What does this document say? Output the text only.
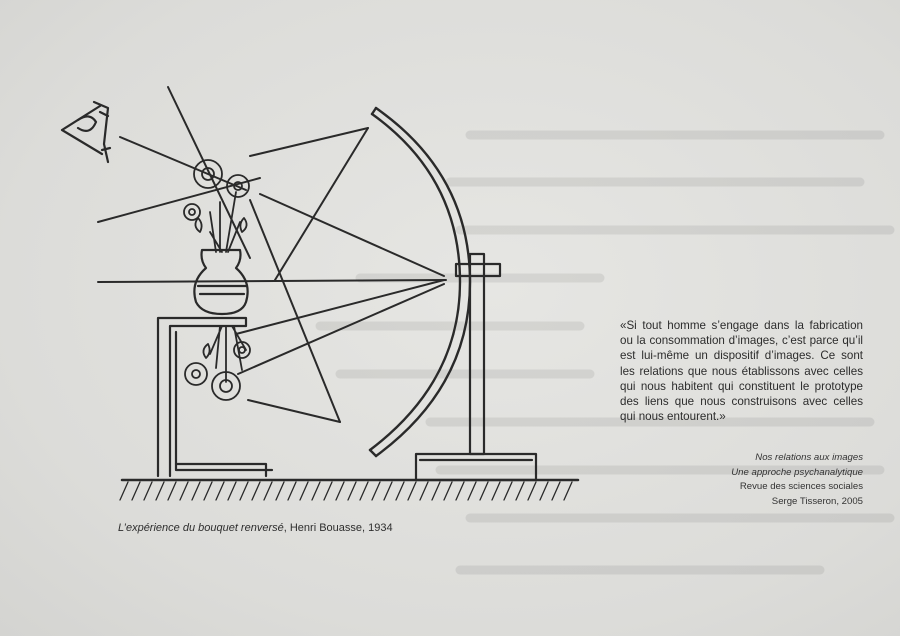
L’expérience du bouquet renversé, Henri Bouasse, 1934
«Si tout homme s’engage dans la fabrication ou la consommation d’images, c’est parce qu’il est lui-même un dispositif d’images. Ce sont les relations que nous établissons avec celles qui nous habitent qui constituent le prototype des liens que nous construisons avec celles qui nous entourent.»
Nos relations aux images
Une approche psychanalytique
Revue des sciences sociales
Serge Tisseron, 2005
